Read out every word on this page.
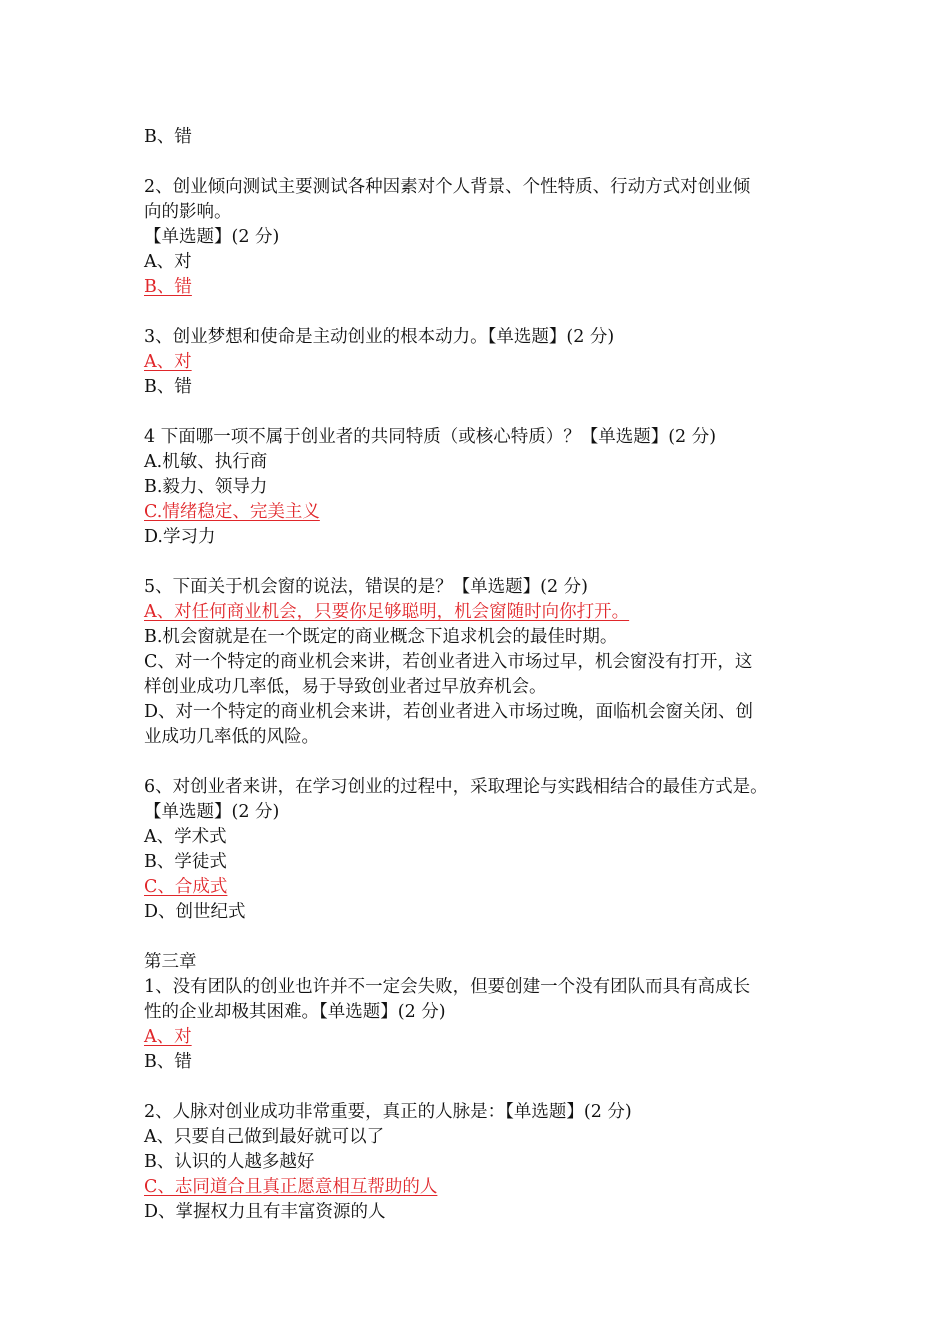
B、错
2、创业倾向测试主要测试各种因素对个人背景、个性特质、行动方式对创业倾
向的影响。
【单选题】(2 分)
A、对
B、错
3、创业梦想和使命是主动创业的根本动力。【单选题】(2 分)
A、对
B、错
4 下面哪一项不属于创业者的共同特质（或核心特质）？【单选题】(2 分)
A.机敏、执行商
B.毅力、领导力
C.情绪稳定、完美主义
D.学习力
5、下面关于机会窗的说法，错误的是？【单选题】(2 分)
A、对任何商业机会，只要你足够聪明，机会窗随时向你打开。
B.机会窗就是在一个既定的商业概念下追求机会的最佳时期。
C、对一个特定的商业机会来讲，若创业者进入市场过早，机会窗没有打开，这
样创业成功几率低，易于导致创业者过早放弃机会。
D、对一个特定的商业机会来讲，若创业者进入市场过晚，面临机会窗关闭、创
业成功几率低的风险。
6、对创业者来讲，在学习创业的过程中，采取理论与实践相结合的最佳方式是。
【单选题】(2 分)
A、学术式
B、学徒式
C、合成式
D、创世纪式
第三章
1、没有团队的创业也许并不一定会失败，但要创建一个没有团队而具有高成长
性的企业却极其困难。【单选题】(2 分)
A、对
B、错
2、人脉对创业成功非常重要，真正的人脉是：【单选题】(2 分)
A、只要自己做到最好就可以了
B、认识的人越多越好
C、志同道合且真正愿意相互帮助的人
D、掌握权力且有丰富资源的人
